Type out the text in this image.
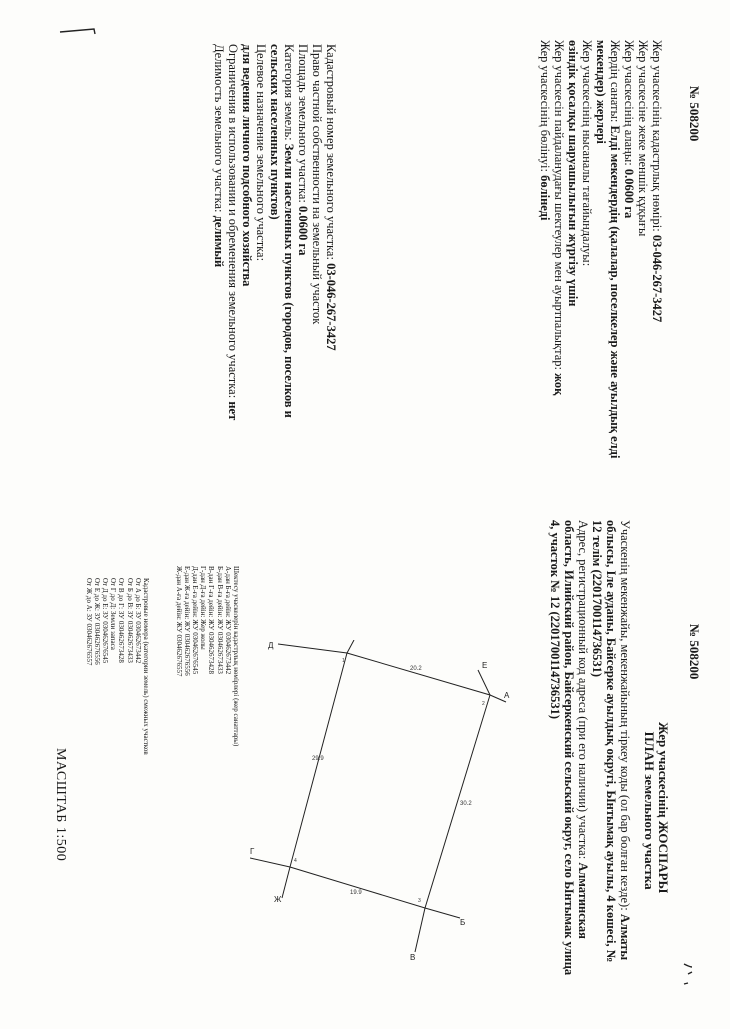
№ 508200
Жер учаскесінің кадастрлық нөмірі: 03-046-267-3427
Жер учаскесіне жеке меншік құқығы
Жер учаскесінің алаңы: 0.0600 га
Жердің санаты: Елді мекендердің (қалалар, поселкелер және ауылдық елді
мекендер) жерлері
Жер учаскесінің нысаналы тағайындалуы:
өзіндік қосалқы шаруашылығын жүргізу үшін
Жер учаскесін пайдаланудағы шектеулер мен ауыртпалықтар: жоқ
Жер учаскесінің бөлінуі: бөлінеді
Кадастровый номер земельного участка: 03-046-267-3427
Право частной собственности на земельный участок
Площадь земельного участка: 0.0600 га
Категория земель: Земли населенных пунктов (городов, поселков и
сельских населенных пунктов)
Целевое назначение земельного участка:
для ведения личного подсобного хозяйства
Ограничения в использовании и обременения земельного участка: нет
Делимость земельного участка: делимый
№ 508200
Жер учаскесінің ЖОСПАРЫ
ПЛАН земельного участка
Учаскенің мекенжайы, мекенжайының тіркеу коды (ол бар болған кезде): Алматы
облысы, Іле ауданы, Байсерке ауылдық округі, Ынтымақ ауылы, 4 көшесі, №
12 телім (2201700114736531)
Адрес, регистрационный код адреса (при его наличии) участка: Алматинская
область, Илийский район, Байсеркенский сельский округ, село Ынтымак улица
4, участок № 12 (2201700114736531)
Шектесу учаскелерiн кадастрлық нөмiрлерi (жер санаттары)
А-дан Б-ға дейін: ЖУ 030462673442
Б-дан В-ға дейін: ЖУ 030462673433
В-дан Г-ға дейін: ЖУ 030462673428
Г-дан Д-ға дейін: Жер жолы
Д-дан Е-ға дейін: ЖУ 030462676545
Е-дан Ж-ға дейін: ЖУ 030462676556
Ж-дан А-ға дейін: ЖУ 030462676557
Кадастровые номера (категории земель) смежных участков
От А до Б: ЗУ 030462673442
От Б до В: ЗУ 030462673433
От В до Г: ЗУ 030462673428
От Г до Д: Земли запаса
От Д до Е: ЗУ 030462676545
От Е до Ж: ЗУ 030462676556
От Ж до А: ЗУ 030462676557
МАСШТАБ 1:500
А
Б
В
Г
Д
Е
Ж
20.2
30.2
29.9
19.9
1
2
3
4
